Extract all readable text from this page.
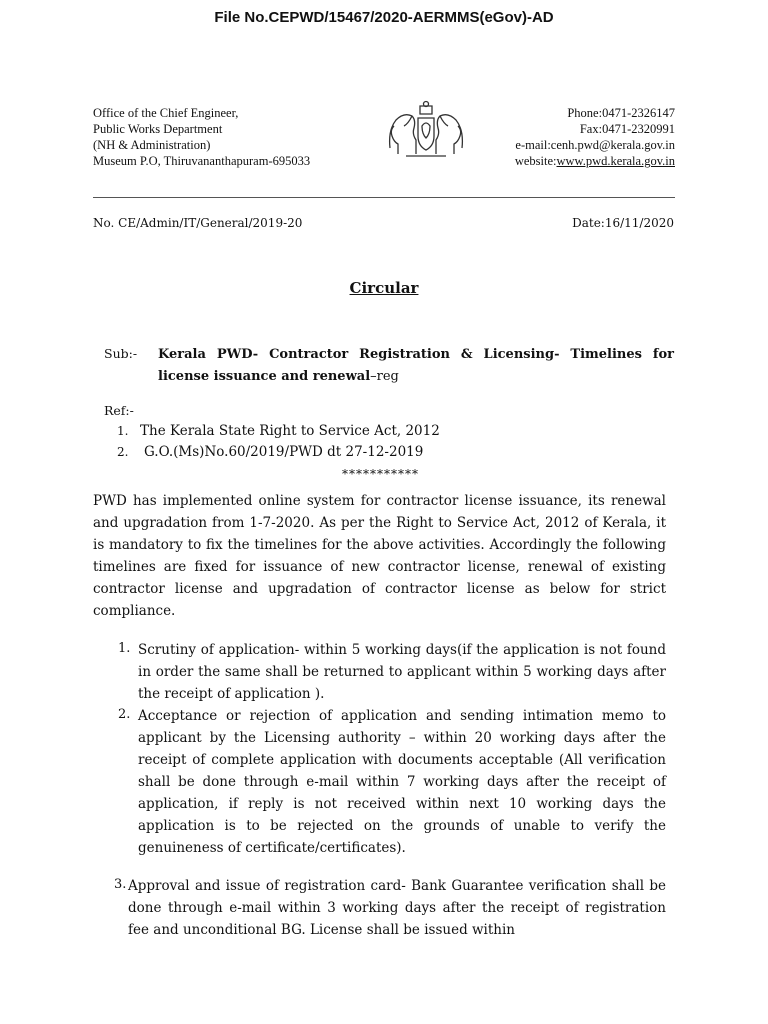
File No.CEPWD/15467/2020-AERMMS(eGov)-AD
Office of the Chief Engineer,
Public Works Department
(NH & Administration)
Museum P.O, Thiruvananthapuram-695033
Phone:0471-2326147
Fax:0471-2320991
e-mail:cenh.pwd@kerala.gov.in
website:www.pwd.kerala.gov.in
No. CE/Admin/IT/General/2019-20	Date:16/11/2020
Circular
Sub:- Kerala PWD- Contractor Registration & Licensing- Timelines for license issuance and renewal–reg
Ref:-
1. The Kerala State Right to Service Act, 2012
2. G.O.(Ms)No.60/2019/PWD dt 27-12-2019
***********
PWD has implemented online system for contractor license issuance, its renewal and upgradation from 1-7-2020. As per the Right to Service Act, 2012 of Kerala, it is mandatory to fix the timelines for the above activities. Accordingly the following timelines are fixed for issuance of new contractor license, renewal of existing contractor license and upgradation of contractor license as below for strict compliance.
1. Scrutiny of application- within 5 working days(if the application is not found in order the same shall be returned to applicant within 5 working days after the receipt of application ).
2. Acceptance or rejection of application and sending intimation memo to applicant by the Licensing authority – within 20 working days after the receipt of complete application with documents acceptable (All verification shall be done through e-mail within 7 working days after the receipt of application, if reply is not received within next 10 working days the application is to be rejected on the grounds of unable to verify the genuineness of certificate/certificates).
3. Approval and issue of registration card- Bank Guarantee verification shall be done through e-mail within 3 working days after the receipt of registration fee and unconditional BG. License shall be issued within
